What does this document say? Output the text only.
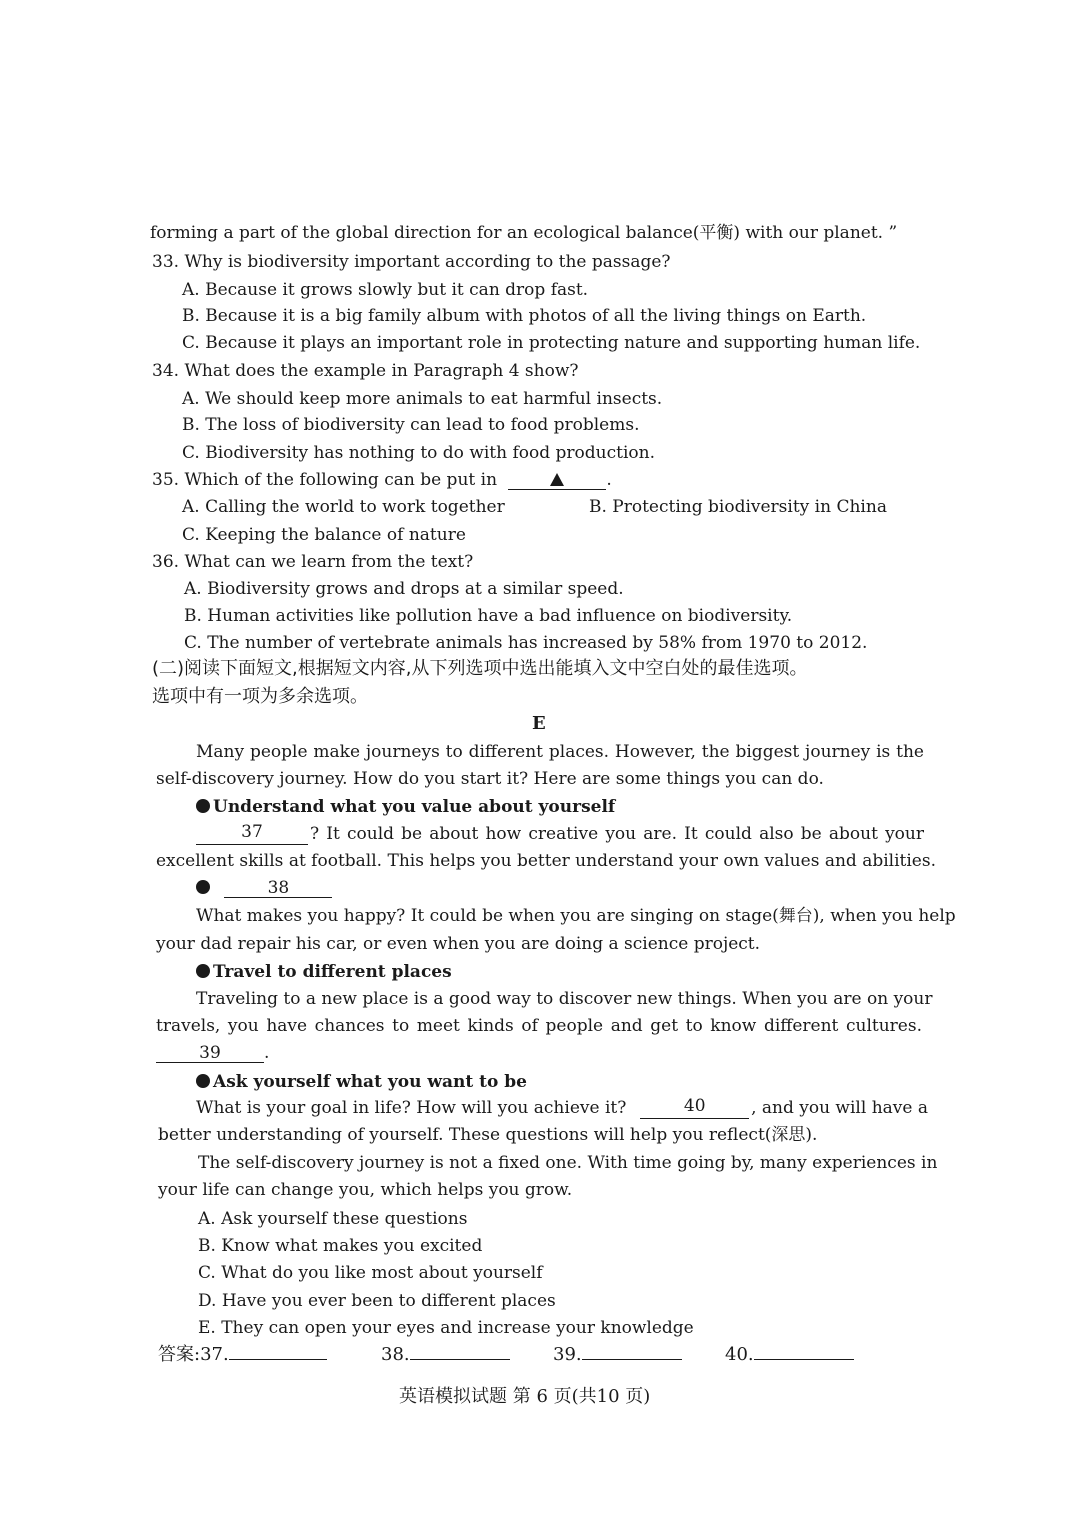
forming a part of the global direction for an ecological balance(平衡) with our planet. ”
33. Why is biodiversity important according to the passage?
A. Because it grows slowly but it can drop fast.
B. Because it is a big family album with photos of all the living things on Earth.
C. Because it plays an important role in protecting nature and supporting human life.
34. What does the example in Paragraph 4 show?
A. We should keep more animals to eat harmful insects.
B. The loss of biodiversity can lead to food problems.
C. Biodiversity has nothing to do with food production.
35. Which of the following can be put in	.
A. Calling the world to work together	B. Protecting biodiversity in China
C. Keeping the balance of nature
36. What can we learn from the text?
A. Biodiversity grows and drops at a similar speed.
B. Human activities like pollution have a bad influence on biodiversity.
C. The number of vertebrate animals has increased by 58% from 1970 to 2012.
(二)阅读下面短文,根据短文内容,从下列选项中选出能填入文中空白处的最佳选项。
选项中有一项为多余选项。
E
Many people make journeys to different places. However, the biggest journey is the
self-discovery journey. How do you start it? Here are some things you can do.
Understand what you value about yourself
37	? It could be about how creative you are. It could also be about your
excellent skills at football. This helps you better understand your own values and abilities.
38
What makes you happy? It could be when you are singing on stage(舞台), when you help
your dad repair his car, or even when you are doing a science project.
Travel to different places
Traveling to a new place is a good way to discover new things. When you are on your
travels, you have chances to meet kinds of people and get to know different cultures.
39	.
Ask yourself what you want to be
What is your goal in life? How will you achieve it?	40	, and you will have a
better understanding of yourself. These questions will help you reflect(深思).
The self-discovery journey is not a fixed one. With time going by, many experiences in
your life can change you, which helps you grow.
A. Ask yourself these questions
B. Know what makes you excited
C. What do you like most about yourself
D. Have you ever been to different places
E. They can open your eyes and increase your knowledge
答案:37.	38.	39.	40.
英语模拟试题 第 6 页(共10 页)
